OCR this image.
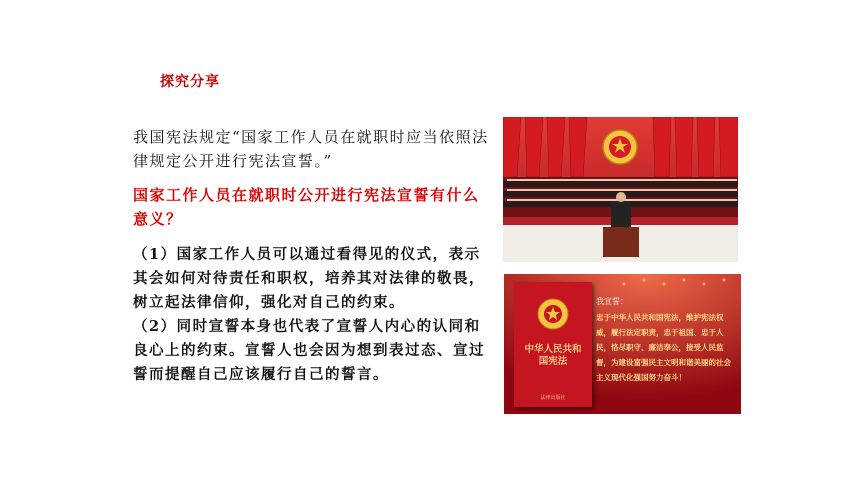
探究分享
我国宪法规定“国家工作人员在就职时应当依照法律规定公开进行宪法宣誓。”
国家工作人员在就职时公开进行宪法宣誓有什么意义？

（1）国家工作人员可以通过看得见的仪式，表示其会如何对待责任和职权，培养其对法律的敬畏，树立起法律信仰，强化对自己的约束。

（2）同时宣誓本身也代表了宣誓人内心的认同和良心上的约束。宣誓人也会因为想到表过态、宣过誓而提醒自己应该履行自己的誓言。

中华人民共和国宪法
法律出版社
我宣誓：
忠于中华人民共和国宪法，维护宪法权威，履行法定职责，忠于祖国、忠于人民，恪尽职守、廉洁奉公，接受人民监督，为建设富强民主文明和谐美丽的社会主义现代化强国努力奋斗！
